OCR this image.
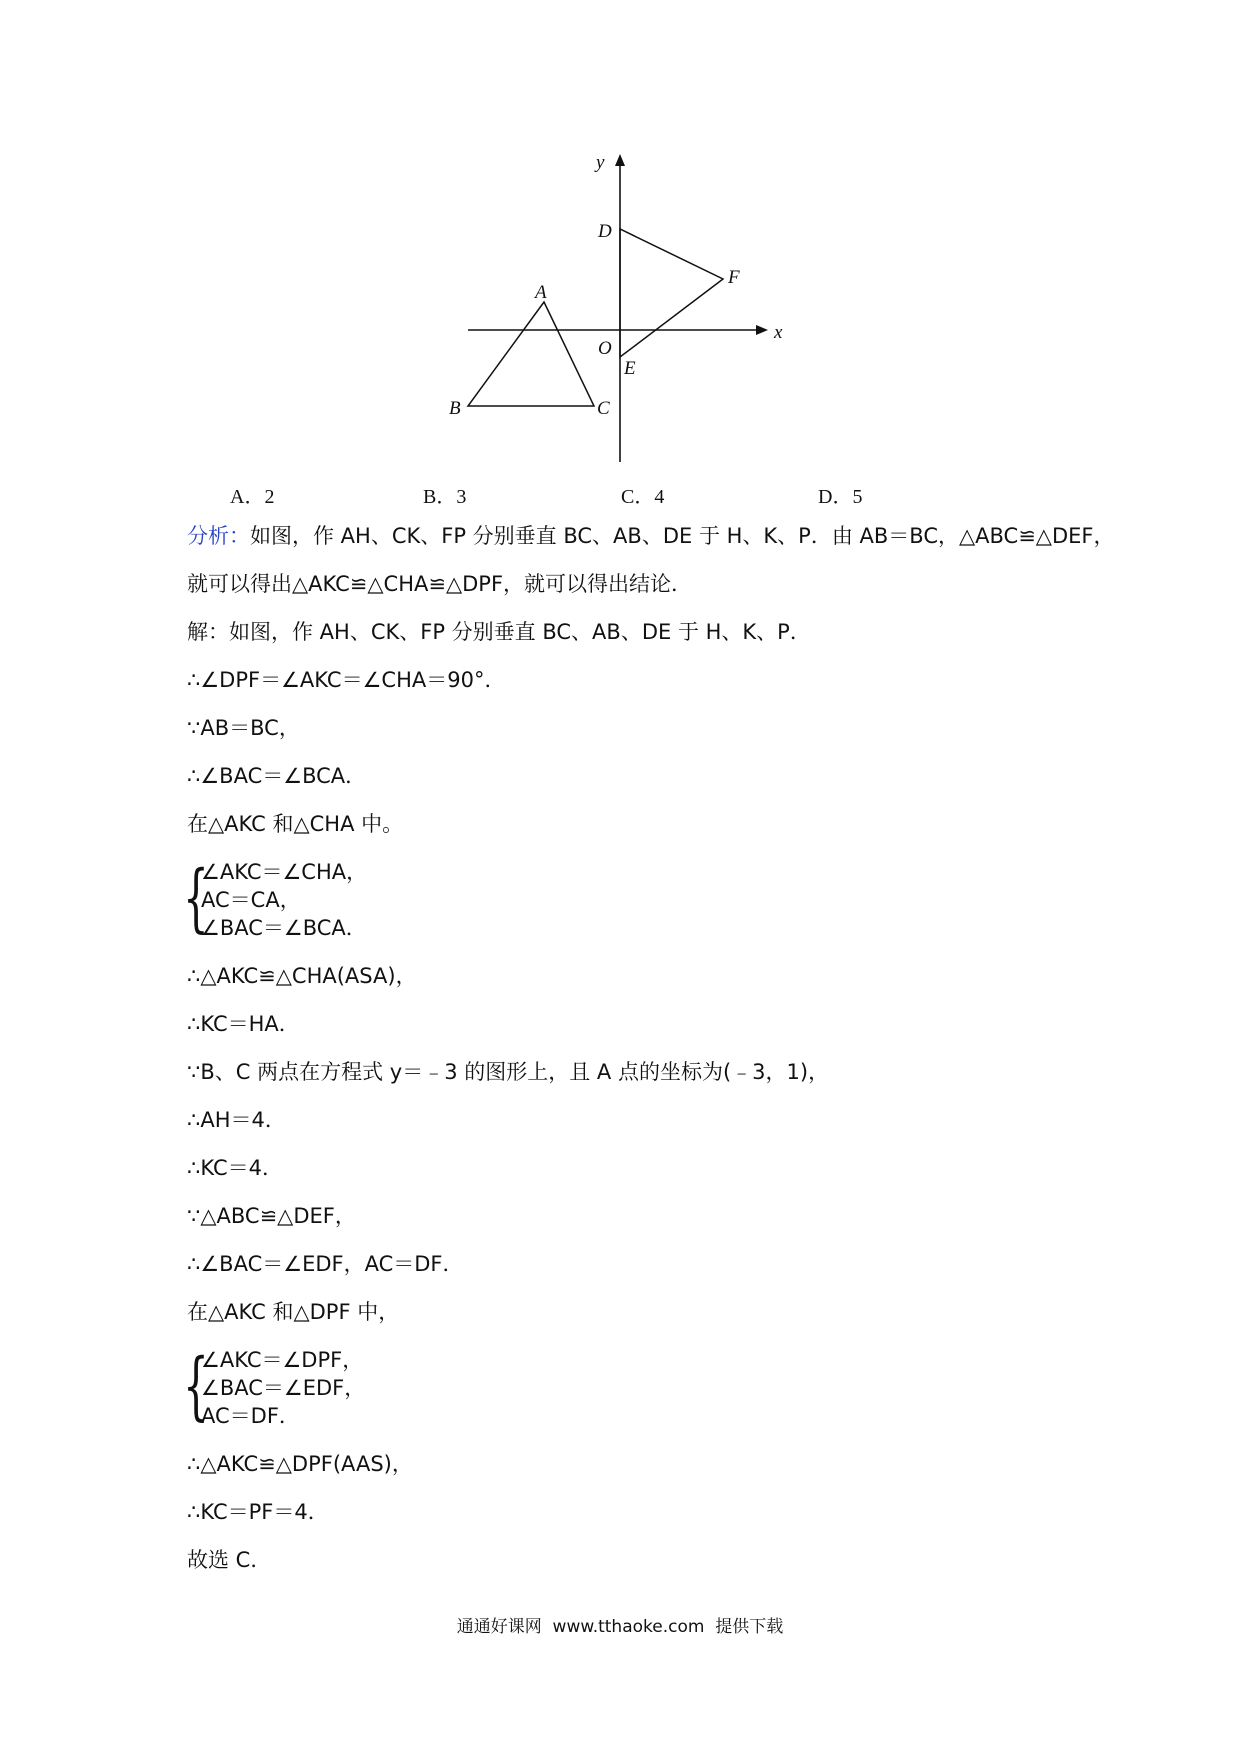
y
x
O
A
B	C
D
E
F
A．2	B．3	C．4	D．5
分析：如图，作 AH、CK、FP 分别垂直 BC、AB、DE 于 H、K、P．由 AB＝BC，△ABC≌△DEF，
就可以得出△AKC≌△CHA≌△DPF，就可以得出结论．
解：如图，作 AH、CK、FP 分别垂直 BC、AB、DE 于 H、K、P．
∴∠DPF＝∠AKC＝∠CHA＝90°．
∵AB＝BC，
∴∠BAC＝∠BCA．
在△AKC 和△CHA 中。
{
∠AKC＝∠CHA，
AC＝CA，
∠BAC＝∠BCA．
∴△AKC≌△CHA(ASA)，
∴KC＝HA．
∵B、C 两点在方程式 y＝﹣3 的图形上，且 A 点的坐标为(﹣3，1)，
∴AH＝4．
∴KC＝4．
∵△ABC≌△DEF，
∴∠BAC＝∠EDF，AC＝DF．
在△AKC 和△DPF 中，
{
∠AKC＝∠DPF，
∠BAC＝∠EDF，
AC＝DF．
∴△AKC≌△DPF(AAS)，
∴KC＝PF＝4．
故选 C．
通通好课网  www.tthaoke.com  提供下载
